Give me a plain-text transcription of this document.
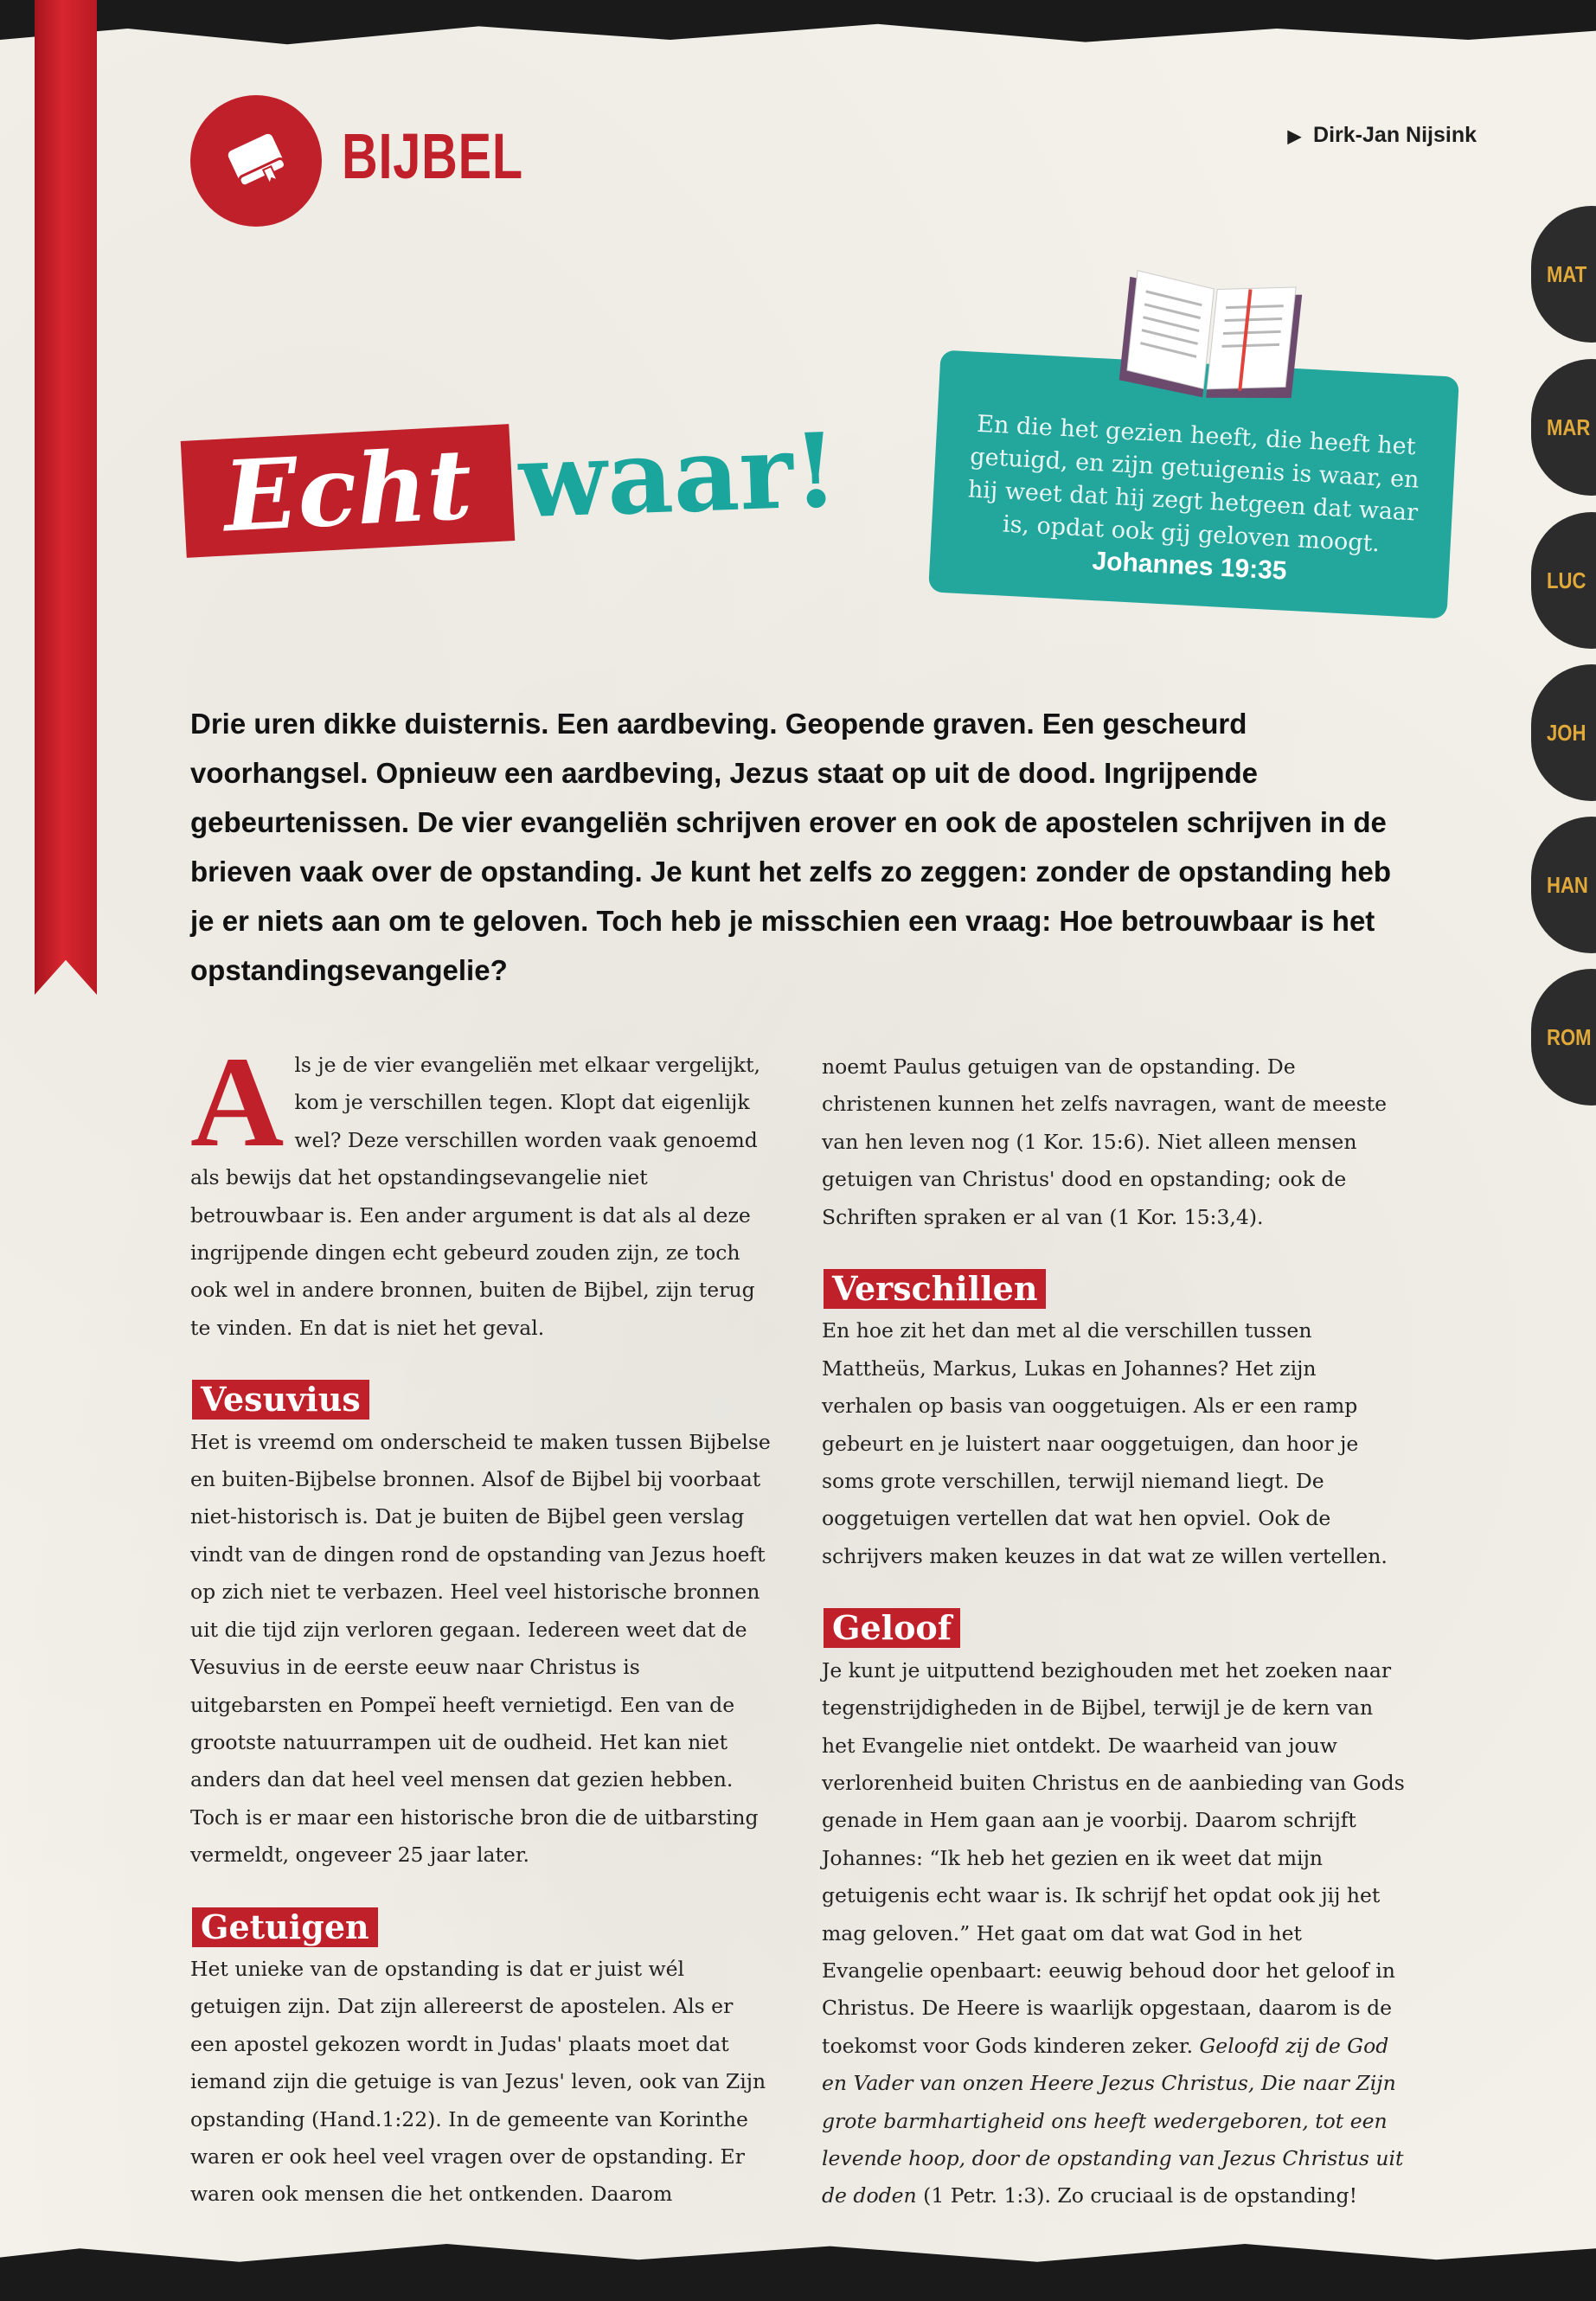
BIJBEL	▶ Dirk-Jan Nijsink
MAT
MAR
LUC
JOH
HAN
ROM
Echt waar!	En die het gezien heeft, die heeft het getuigd, en zijn getuigenis is waar, en hij weet dat hij zegt hetgeen dat waar is, opdat ook gij geloven moogt.
Johannes 19:35
Drie uren dikke duisternis. Een aardbeving. Geopende graven. Een gescheurd voorhangsel. Opnieuw een aardbeving, Jezus staat op uit de dood. Ingrijpende gebeurtenissen. De vier evangeliën schrijven erover en ook de apostelen schrijven in de brieven vaak over de opstanding. Je kunt het zelfs zo zeggen: zonder de opstanding heb je er niets aan om te geloven. Toch heb je misschien een vraag: Hoe betrouwbaar is het opstandingsevangelie?

Als je de vier evangeliën met elkaar vergelijkt, kom je verschillen tegen. Klopt dat eigenlijk wel? Deze verschillen worden vaak genoemd als bewijs dat het opstandingsevangelie niet betrouwbaar is. Een ander argument is dat als al deze ingrijpende dingen echt gebeurd zouden zijn, ze toch ook wel in andere bronnen, buiten de Bijbel, zijn terug te vinden. En dat is niet het geval.

Vesuvius

Het is vreemd om onderscheid te maken tussen Bijbelse en buiten-Bijbelse bronnen. Alsof de Bijbel bij voorbaat niet-historisch is. Dat je buiten de Bijbel geen verslag vindt van de dingen rond de opstanding van Jezus hoeft op zich niet te verbazen. Heel veel historische bronnen uit die tijd zijn verloren gegaan. Iedereen weet dat de Vesuvius in de eerste eeuw naar Christus is uitgebarsten en Pompeï heeft vernietigd. Een van de grootste natuurrampen uit de oudheid. Het kan niet anders dan dat heel veel mensen dat gezien hebben. Toch is er maar een historische bron die de uitbarsting vermeldt, ongeveer 25 jaar later.

Getuigen

Het unieke van de opstanding is dat er juist wél getuigen zijn. Dat zijn allereerst de apostelen. Als er een apostel gekozen wordt in Judas' plaats moet dat iemand zijn die getuige is van Jezus' leven, ook van Zijn opstanding (Hand.1:22). In de gemeente van Korinthe waren er ook heel veel vragen over de opstanding. Er waren ook mensen die het ontkenden. Daarom

noemt Paulus getuigen van de opstanding. De christenen kunnen het zelfs navragen, want de meeste van hen leven nog (1 Kor. 15:6). Niet alleen mensen getuigen van Christus' dood en opstanding; ook de Schriften spraken er al van (1 Kor. 15:3,4).

Verschillen

En hoe zit het dan met al die verschillen tussen Mattheüs, Markus, Lukas en Johannes? Het zijn verhalen op basis van ooggetuigen. Als er een ramp gebeurt en je luistert naar ooggetuigen, dan hoor je soms grote verschillen, terwijl niemand liegt. De ooggetuigen vertellen dat wat hen opviel. Ook de schrijvers maken keuzes in dat wat ze willen vertellen.

Geloof

Je kunt je uitputtend bezighouden met het zoeken naar tegenstrijdigheden in de Bijbel, terwijl je de kern van het Evangelie niet ontdekt. De waarheid van jouw verlorenheid buiten Christus en de aanbieding van Gods genade in Hem gaan aan je voorbij. Daarom schrijft Johannes: “Ik heb het gezien en ik weet dat mijn getuigenis echt waar is. Ik schrijf het opdat ook jij het mag geloven.” Het gaat om dat wat God in het Evangelie openbaart: eeuwig behoud door het geloof in Christus. De Heere is waarlijk opgestaan, daarom is de toekomst voor Gods kinderen zeker. Geloofd zij de God en Vader van onzen Heere Jezus Christus, Die naar Zijn grote barmhartigheid ons heeft wedergeboren, tot een levende hoop, door de opstanding van Jezus Christus uit de doden (1 Petr. 1:3). Zo cruciaal is de opstanding!
